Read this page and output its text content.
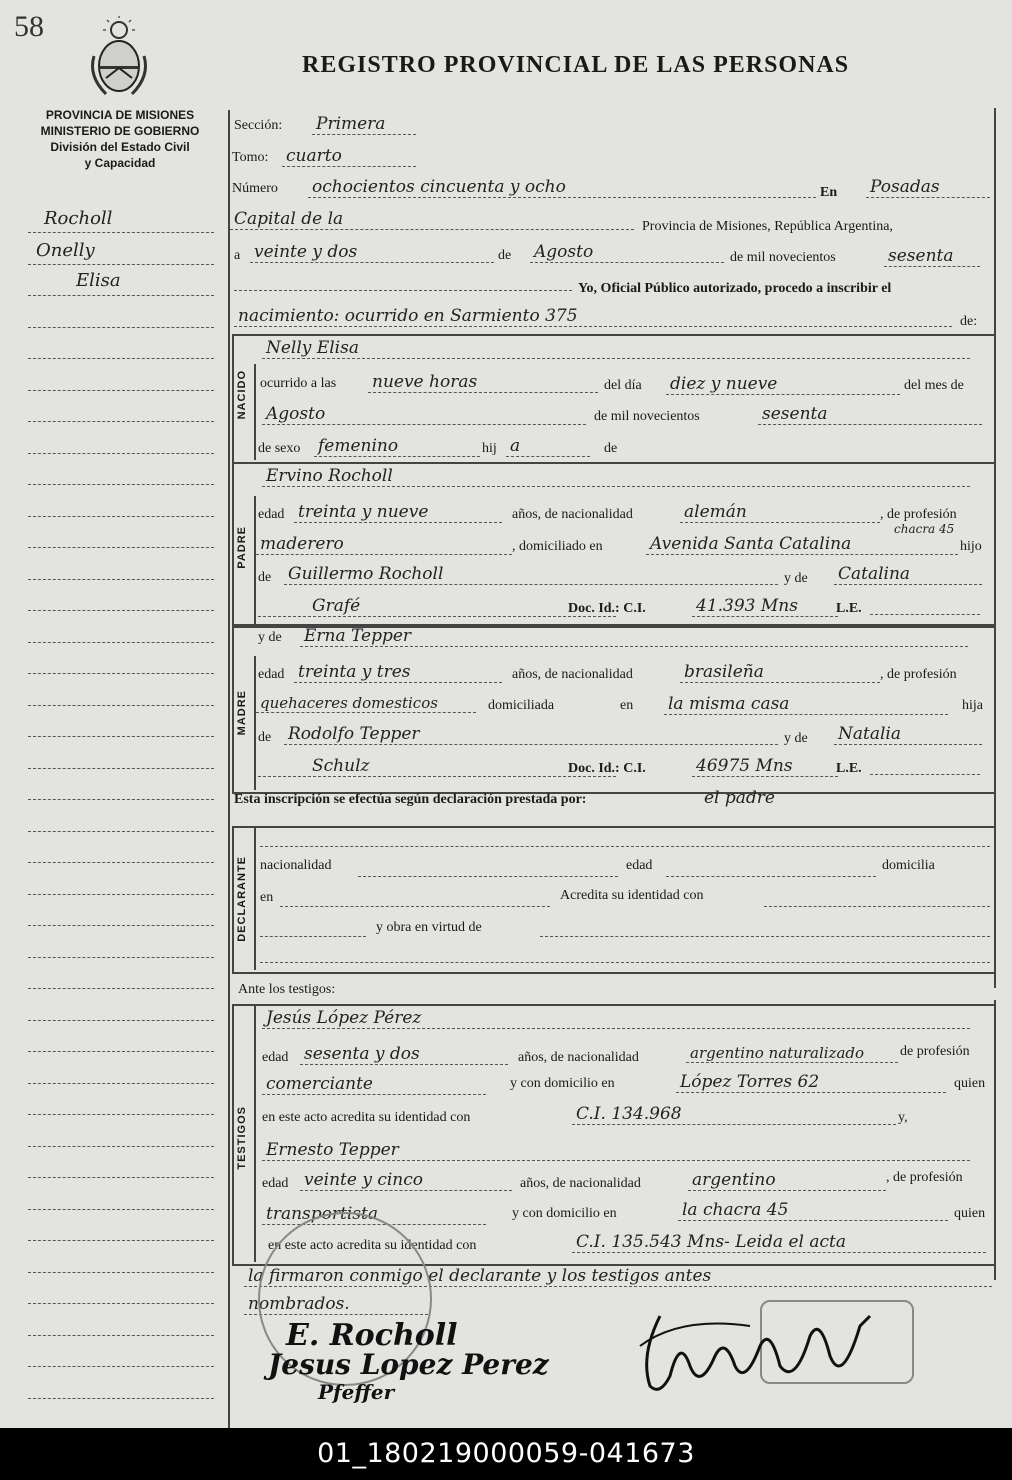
58
REGISTRO PROVINCIAL DE LAS PERSONAS
PROVINCIA DE MISIONES
MINISTERIO DE GOBIERNO
División del Estado Civil
y Capacidad
Rocholl
Onelly
Elisa
Sección: Primera
Tomo: cuarto
Número ochocientos cincuenta y ocho	En Posadas
Capital de la	Provincia de Misiones, República Argentina,
a veinte y dos	de Agosto	de mil novecientos	sesenta
Yo, Oficial Público autorizado, procedo a inscribir el
nacimiento: ocurrido en Sarmiento 375	de:
NACIDO
Nelly Elisa
ocurrido a las nueve horas	del día diez y nueve	del mes de
Agosto	de mil novecientos	sesenta
de sexo femenino	hij a	de
PADRE
Ervino Rocholl
edad treinta y nueve	años, de nacionalidad	alemán	, de profesión
maderero	, domiciliado en	Avenida Santa Catalina
chacra 45
hijo
de Guillermo Rocholl	y de Catalina
Grafé	Doc. Id.: C.I.	41.393 Mns	L.E.
MADRE
y de Erna Tepper
edad treinta y tres	años, de nacionalidad	brasileña	, de profesión
quehaceres domesticos	domiciliada	en la misma casa	hija
de Rodolfo Tepper	y de Natalia
Schulz	Doc. Id.: C.I.	46975 Mns	L.E.
Esta inscripción se efectúa según declaración prestada por:	el padre
DECLARANTE nacionalidad	edad	domicilia
en	Acredita su identidad con
y obra en virtud de
Ante los testigos:
TESTIGOS
Jesús López Pérez
edad sesenta y dos	años, de nacionalidad	argentino naturalizado	de profesión
comerciante	y con domicilio en	López Torres 62	quien
en este acto acredita su identidad con	C.I. 134.968	y,
Ernesto Tepper
edad veinte y cinco	años, de nacionalidad	argentino	, de profesión
transportista	y con domicilio en	la chacra 45	quien
en este acto acredita su identidad con	C.I. 135.543 Mns- Leida el acta
la firmaron conmigo el declarante y los testigos antes
nombrados.
E. Rocholl
Jesus Lopez Perez
Pfeffer
01_180219000059-041673
